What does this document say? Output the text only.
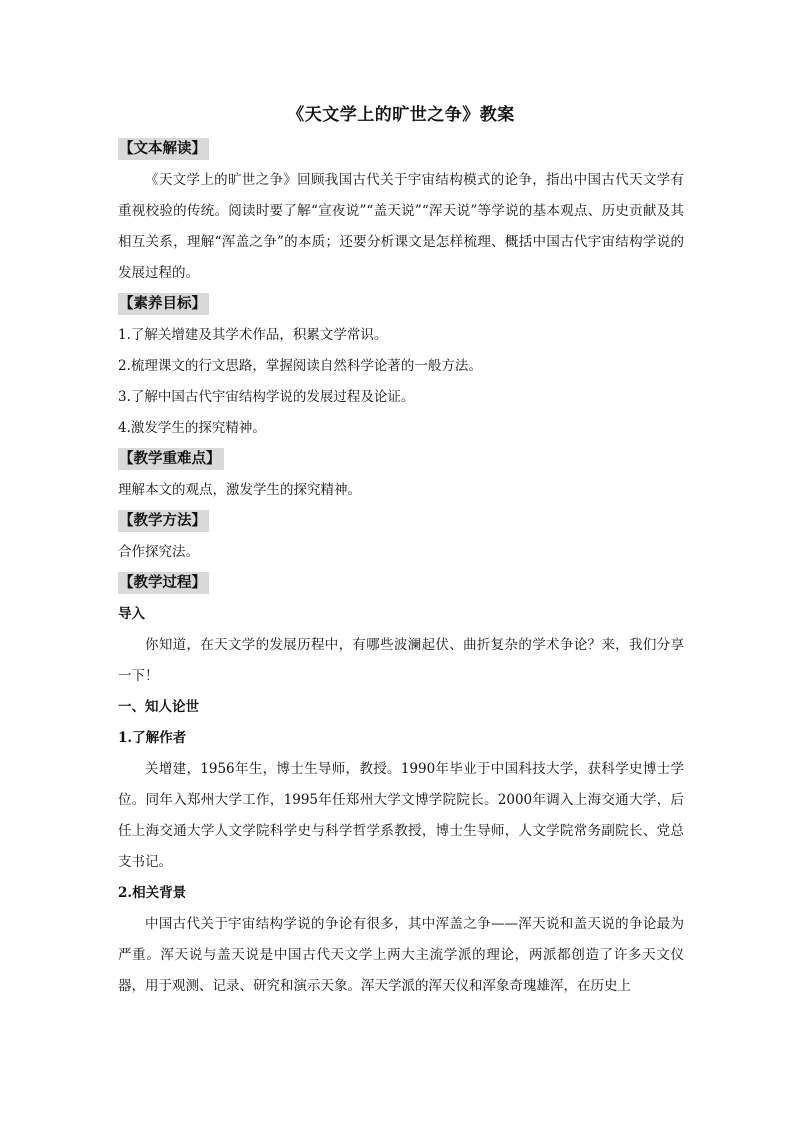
《天文学上的旷世之争》教案
【文本解读】

《天文学上的旷世之争》回顾我国古代关于宇宙结构模式的论争，指出中国古代天文学有重视校验的传统。阅读时要了解“宣夜说”“盖天说”“浑天说”等学说的基本观点、历史贡献及其相互关系，理解“浑盖之争”的本质；还要分析课文是怎样梳理、概括中国古代宇宙结构学说的发展过程的。

【素养目标】

1.了解关增建及其学术作品，积累文学常识。

2.梳理课文的行文思路，掌握阅读自然科学论著的一般方法。

3.了解中国古代宇宙结构学说的发展过程及论证。

4.激发学生的探究精神。

【教学重难点】

理解本文的观点，激发学生的探究精神。

【教学方法】

合作探究法。

【教学过程】

导入

你知道，在天文学的发展历程中，有哪些波澜起伏、曲折复杂的学术争论？来，我们分享一下！

一、知人论世

1.了解作者

关增建，1956年生，博士生导师，教授。1990年毕业于中国科技大学，获科学史博士学位。同年入郑州大学工作，1995年任郑州大学文博学院院长。2000年调入上海交通大学，后任上海交通大学人文学院科学史与科学哲学系教授，博士生导师，人文学院常务副院长、党总支书记。

2.相关背景

中国古代关于宇宙结构学说的争论有很多，其中浑盖之争——浑天说和盖天说的争论最为严重。浑天说与盖天说是中国古代天文学上两大主流学派的理论，两派都创造了许多天文仪器，用于观测、记录、研究和演示天象。浑天学派的浑天仪和浑象奇瑰雄浑，在历史上
